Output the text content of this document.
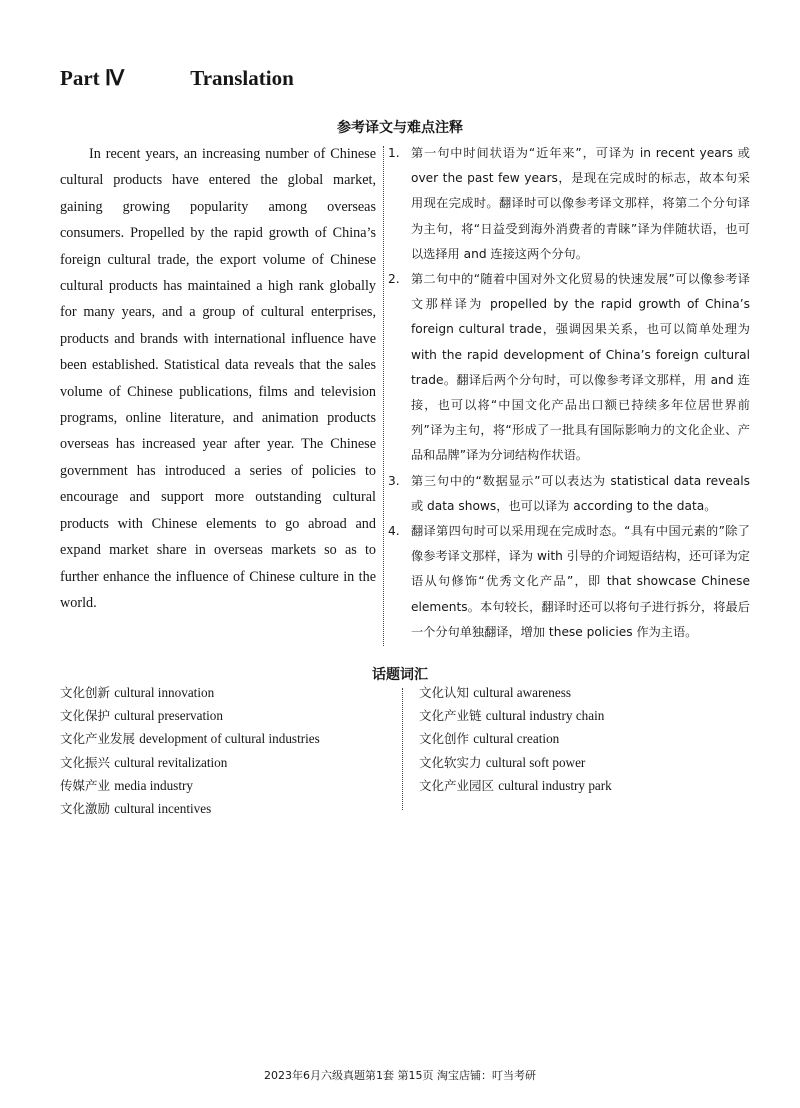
Part Ⅳ	Translation
参考译文与难点注释

In recent years, an increasing number of Chinese cultural products have entered the global market, gaining growing popularity among overseas consumers. Propelled by the rapid growth of China’s foreign cultural trade, the export volume of Chinese cultural products has maintained a high rank globally for many years, and a group of cultural enterprises, products and brands with international influence have been established. Statistical data reveals that the sales volume of Chinese publications, films and television programs, online literature, and animation products overseas has increased year after year. The Chinese government has introduced a series of policies to encourage and support more outstanding cultural products with Chinese elements to go abroad and expand market share in overseas markets so as to further enhance the influence of Chinese culture in the world.

1. 第一句中时间状语为“近年来”，可译为 in recent years 或 over the past few years，是现在完成时的标志，故本句采用现在完成时。翻译时可以像参考译文那样，将第二个分句译为主句，将“日益受到海外消费者的青睐”译为伴随状语，也可以选择用 and 连接这两个分句。
2. 第二句中的“随着中国对外文化贸易的快速发展”可以像参考译文那样译为 propelled by the rapid growth of China’s foreign cultural trade，强调因果关系，也可以简单处理为 with the rapid development of China’s foreign cultural trade。翻译后两个分句时，可以像参考译文那样，用 and 连接，也可以将“中国文化产品出口额已持续多年位居世界前列”译为主句，将“形成了一批具有国际影响力的文化企业、产品和品牌”译为分词结构作状语。
3. 第三句中的“数据显示”可以表达为 statistical data reveals 或 data shows，也可以译为 according to the data。
4. 翻译第四句时可以采用现在完成时态。“具有中国元素的”除了像参考译文那样，译为 with 引导的介词短语结构，还可译为定语从句修饰“优秀文化产品”，即 that showcase Chinese elements。本句较长，翻译时还可以将句子进行拆分，将最后一个分句单独翻译，增加 these policies 作为主语。
话题词汇
文化创新 cultural innovation
文化保护 cultural preservation
文化产业发展 development of cultural industries
文化振兴 cultural revitalization
传媒产业 media industry
文化激励 cultural incentives
文化认知 cultural awareness
文化产业链 cultural industry chain
文化创作 cultural creation
文化软实力 cultural soft power
文化产业园区 cultural industry park

2023年6月六级真题第1套 第15页 淘宝店铺：叮当考研
